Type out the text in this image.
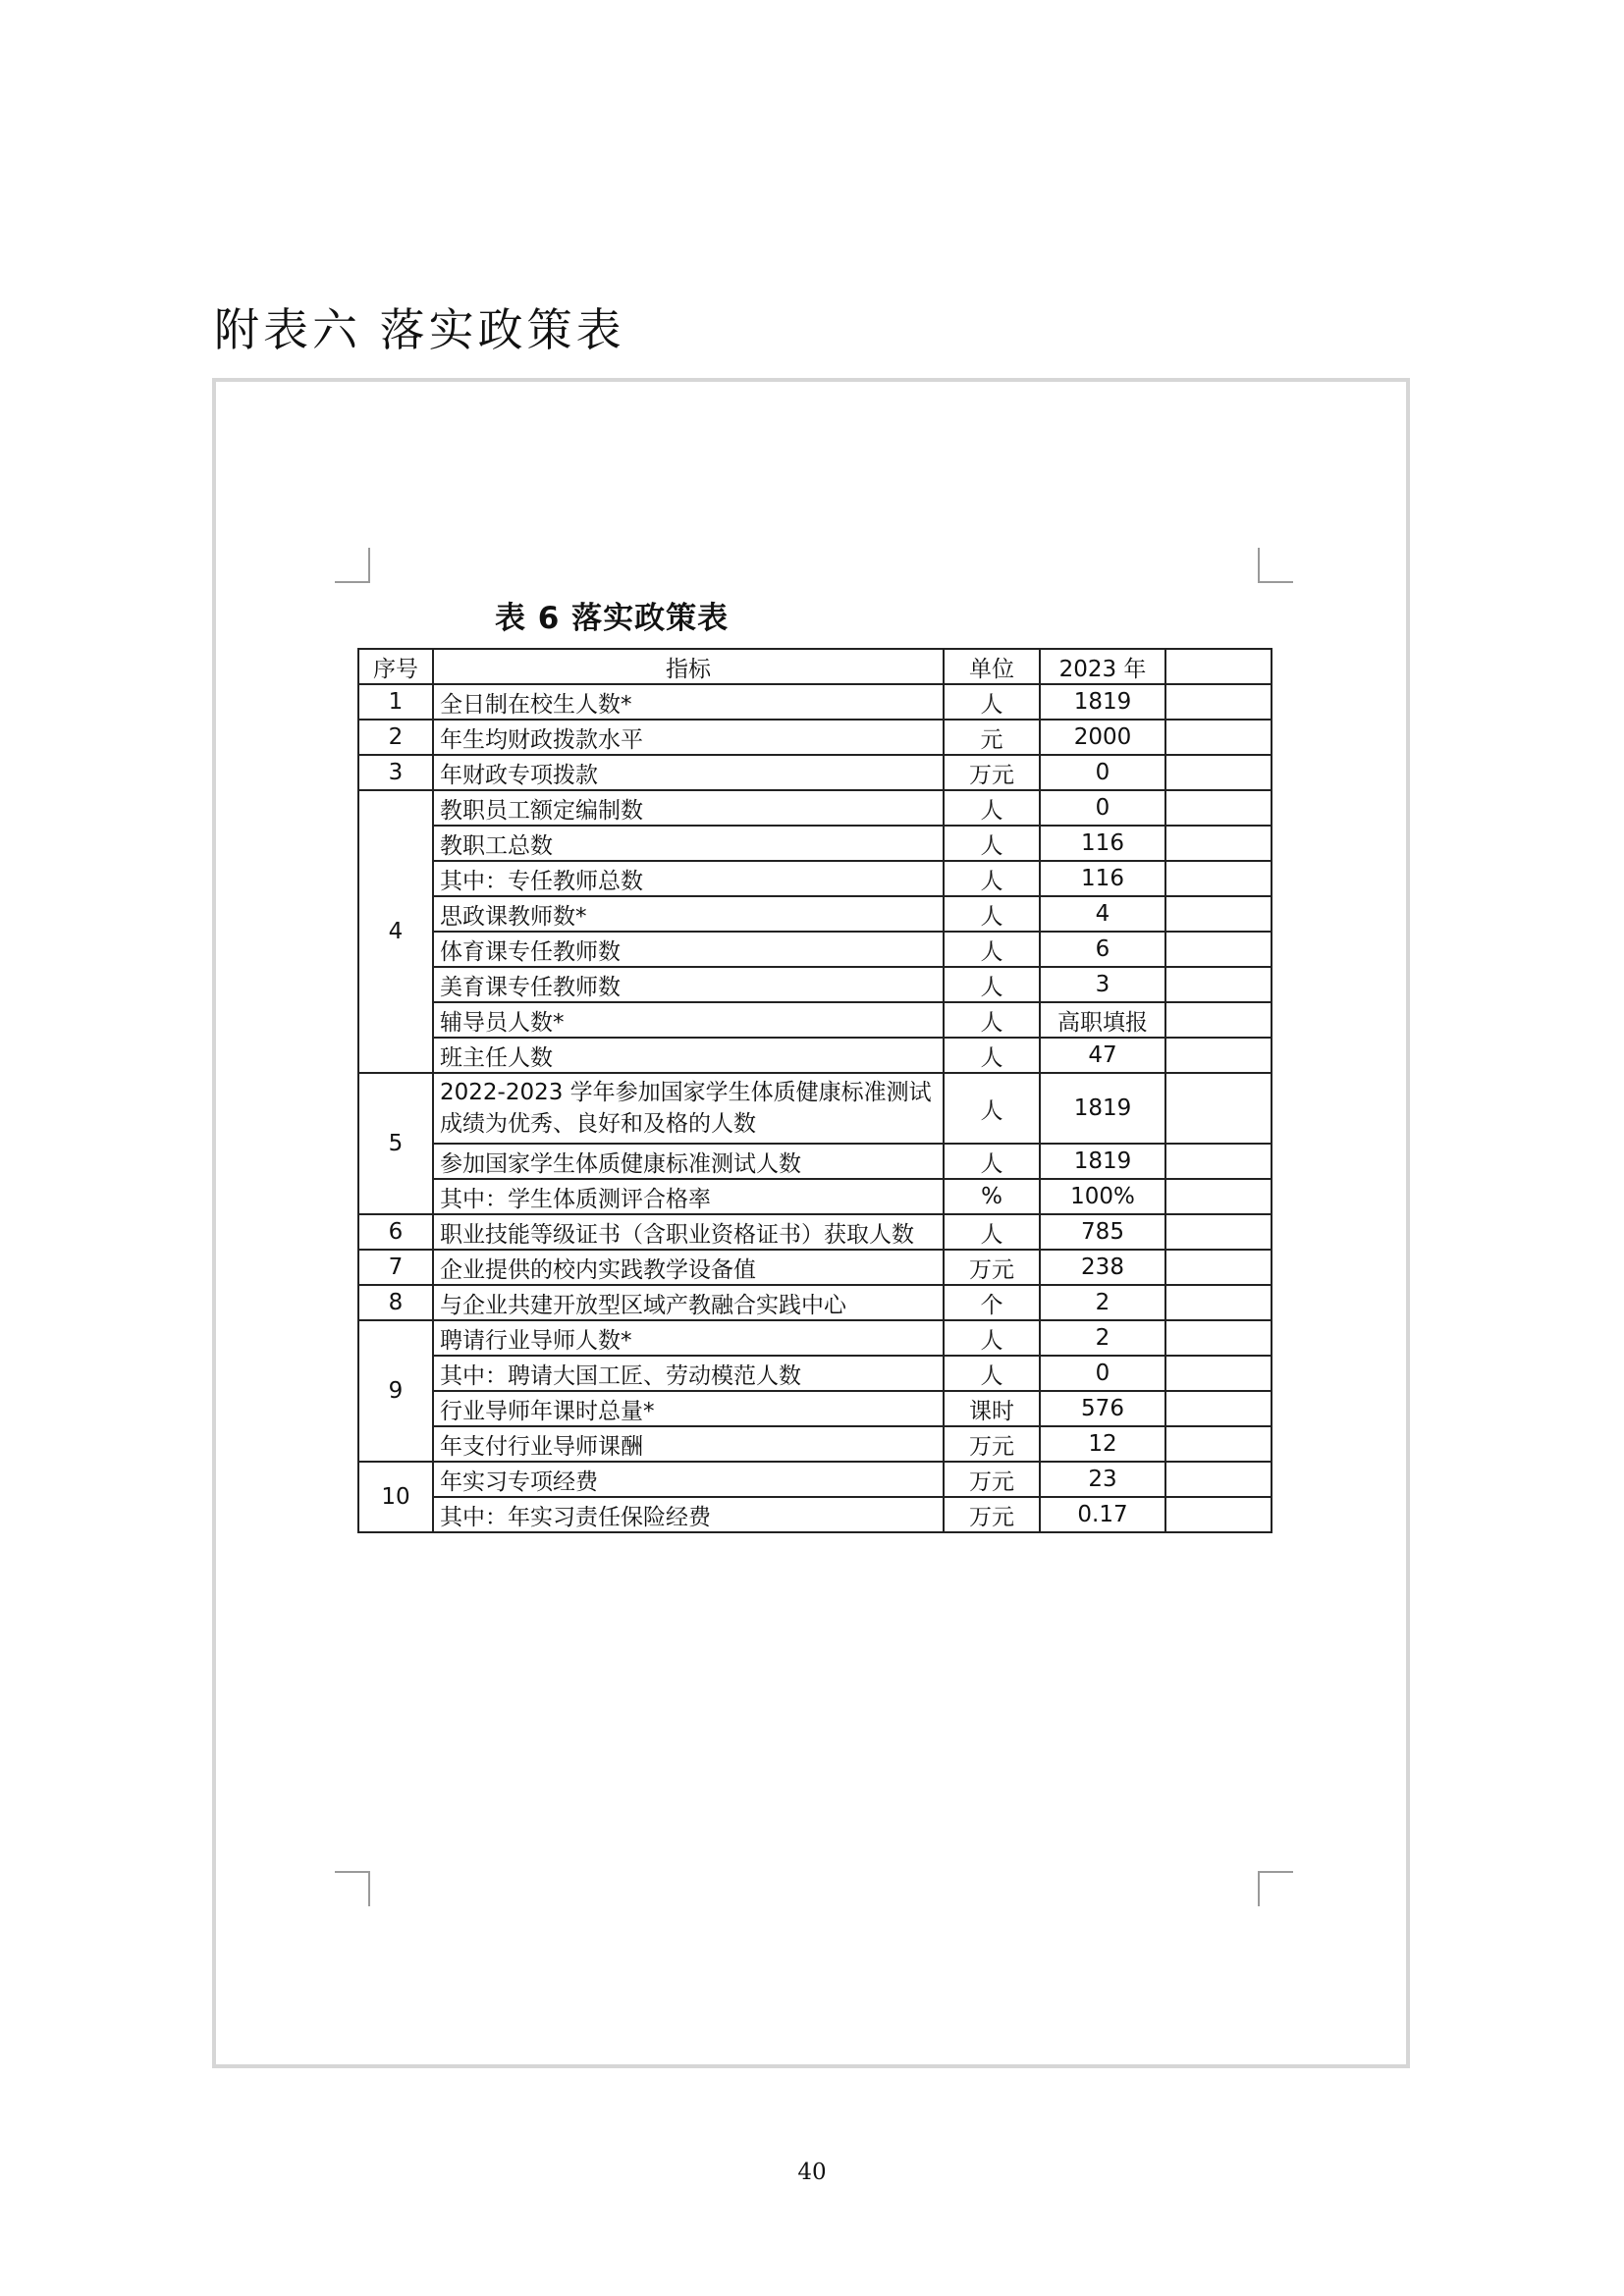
附表六 落实政策表
表 6 落实政策表
序号	指标	单位	2023 年	
1	全日制在校生人数*	人	1819	
2	年生均财政拨款水平	元	2000	
3	年财政专项拨款	万元	0	
4	教职员工额定编制数	人	0	
	教职工总数	人	116	
	其中：专任教师总数	人	116	
	思政课教师数*	人	4	
	体育课专任教师数	人	6	
	美育课专任教师数	人	3	
	辅导员人数*	人	高职填报	
	班主任人数	人	47	
5	2022-2023 学年参加国家学生体质健康标准测试成绩为优秀、良好和及格的人数	人	1819	
	参加国家学生体质健康标准测试人数	人	1819	
	其中：学生体质测评合格率	%	100%	
6	职业技能等级证书（含职业资格证书）获取人数	人	785	
7	企业提供的校内实践教学设备值	万元	238	
8	与企业共建开放型区域产教融合实践中心	个	2	
9	聘请行业导师人数*	人	2	
	其中：聘请大国工匠、劳动模范人数	人	0	
	行业导师年课时总量*	课时	576	
	年支付行业导师课酬	万元	12	
10	年实习专项经费	万元	23	
	其中：年实习责任保险经费	万元	0.17	
40
